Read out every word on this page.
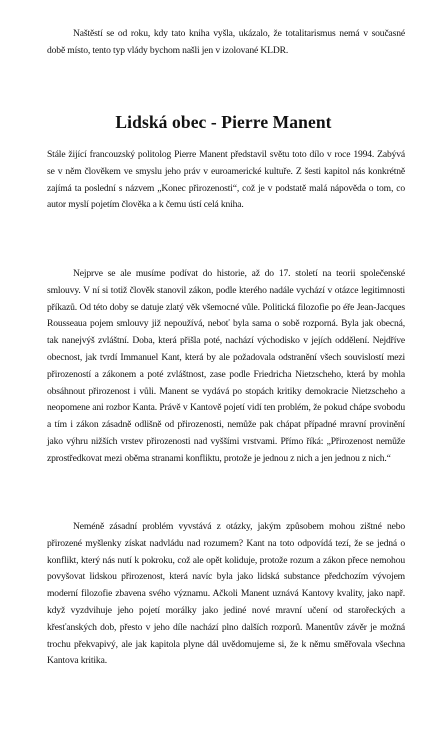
Naštěstí se od roku, kdy tato kniha vyšla, ukázalo, že totalitarismus nemá v současné době místo, tento typ vlády bychom našli jen v izolované KLDR.

Lidská obec - Pierre Manent

Stále žijící francouzský politolog Pierre Manent představil světu toto dílo v roce 1994. Zabývá se v něm člověkem ve smyslu jeho práv v euroamerické kultuře. Z šesti kapitol nás konkrétně zajímá ta poslední s názvem „Konec přirozenosti“, což je v podstatě malá nápověda o tom, co autor myslí pojetím člověka a k čemu ústí celá kniha.

Nejprve se ale musíme podívat do historie, až do 17. století na teorii společenské smlouvy. V ní si totiž člověk stanovil zákon, podle kterého nadále vychází v otázce legitimnosti příkazů. Od této doby se datuje zlatý věk všemocné vůle. Politická filozofie po éře Jean-Jacques Rousseaua pojem smlouvy již nepoužívá, neboť byla sama o sobě rozporná. Byla jak obecná, tak nanejvýš zvláštní. Doba, která přišla poté, nachází východisko v jejích oddělení. Nejdříve obecnost, jak tvrdí Immanuel Kant, která by ale požadovala odstranění všech souvislostí mezi přirozeností a zákonem a poté zvláštnost, zase podle Friedricha Nietzscheho, která by mohla obsáhnout přirozenost i vůli. Manent se vydává po stopách kritiky demokracie Nietzscheho a neopomene ani rozbor Kanta. Právě v Kantově pojetí vidí ten problém, že pokud chápe svobodu a tím i zákon zásadně odlišně od přirozenosti, nemůže pak chápat případné mravní provinění jako výhru nižších vrstev přirozenosti nad vyššími vrstvami. Přímo říká: „Přirozenost nemůže zprostředkovat mezi oběma stranami konfliktu, protože je jednou z nich a jen jednou z nich.“

Neméně zásadní problém vyvstává z otázky, jakým způsobem mohou zištné nebo přirozené myšlenky získat nadvládu nad rozumem? Kant na toto odpovídá tezí, že se jedná o konflikt, který nás nutí k pokroku, což ale opět koliduje, protože rozum a zákon přece nemohou povyšovat lidskou přirozenost, která navíc byla jako lidská substance předchozím vývojem moderní filozofie zbavena svého významu. Ačkoli Manent uznává Kantovy kvality, jako např. když vyzdvihuje jeho pojetí morálky jako jediné nové mravní učení od starořeckých a křesťanských dob, přesto v jeho díle nachází plno dalších rozporů. Manentův závěr je možná trochu překvapivý, ale jak kapitola plyne dál uvědomujeme si, že k němu směřovala všechna Kantova kritika.
